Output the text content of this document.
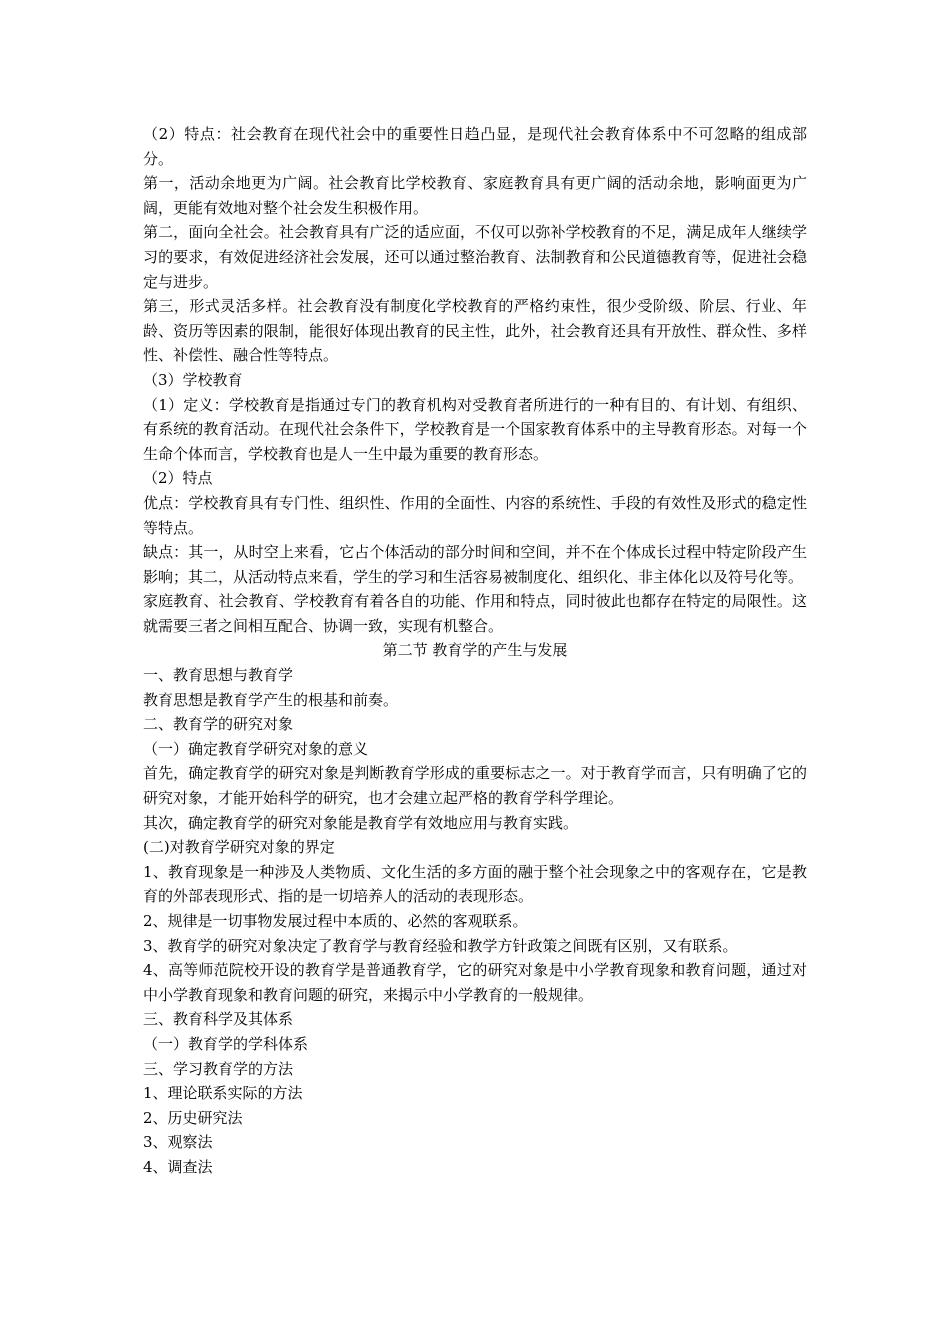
（2）特点：社会教育在现代社会中的重要性日趋凸显，是现代社会教育体系中不可忽略的组成部分。

第一，活动余地更为广阔。社会教育比学校教育、家庭教育具有更广阔的活动余地，影响面更为广阔，更能有效地对整个社会发生积极作用。

第二，面向全社会。社会教育具有广泛的适应面，不仅可以弥补学校教育的不足，满足成年人继续学习的要求，有效促进经济社会发展，还可以通过整治教育、法制教育和公民道德教育等，促进社会稳定与进步。

第三，形式灵活多样。社会教育没有制度化学校教育的严格约束性，很少受阶级、阶层、行业、年龄、资历等因素的限制，能很好体现出教育的民主性，此外，社会教育还具有开放性、群众性、多样性、补偿性、融合性等特点。

（3）学校教育

（1）定义：学校教育是指通过专门的教育机构对受教育者所进行的一种有目的、有计划、有组织、有系统的教育活动。在现代社会条件下，学校教育是一个国家教育体系中的主导教育形态。对每一个生命个体而言，学校教育也是人一生中最为重要的教育形态。

（2）特点

优点：学校教育具有专门性、组织性、作用的全面性、内容的系统性、手段的有效性及形式的稳定性等特点。

缺点：其一，从时空上来看，它占个体活动的部分时间和空间，并不在个体成长过程中特定阶段产生影响；其二，从活动特点来看，学生的学习和生活容易被制度化、组织化、非主体化以及符号化等。

家庭教育、社会教育、学校教育有着各自的功能、作用和特点，同时彼此也都存在特定的局限性。这就需要三者之间相互配合、协调一致，实现有机整合。

第二节 教育学的产生与发展

一、教育思想与教育学

教育思想是教育学产生的根基和前奏。

二、教育学的研究对象

（一）确定教育学研究对象的意义

首先，确定教育学的研究对象是判断教育学形成的重要标志之一。对于教育学而言，只有明确了它的研究对象，才能开始科学的研究，也才会建立起严格的教育学科学理论。

其次，确定教育学的研究对象能是教育学有效地应用与教育实践。

(二)对教育学研究对象的界定

1、教育现象是一种涉及人类物质、文化生活的多方面的融于整个社会现象之中的客观存在，它是教育的外部表现形式、指的是一切培养人的活动的表现形态。

2、规律是一切事物发展过程中本质的、必然的客观联系。

3、教育学的研究对象决定了教育学与教育经验和教学方针政策之间既有区别，又有联系。

4、高等师范院校开设的教育学是普通教育学，它的研究对象是中小学教育现象和教育问题，通过对中小学教育现象和教育问题的研究，来揭示中小学教育的一般规律。

三、教育科学及其体系

（一）教育学的学科体系

三、学习教育学的方法

1、理论联系实际的方法

2、历史研究法

3、观察法

4、调查法
